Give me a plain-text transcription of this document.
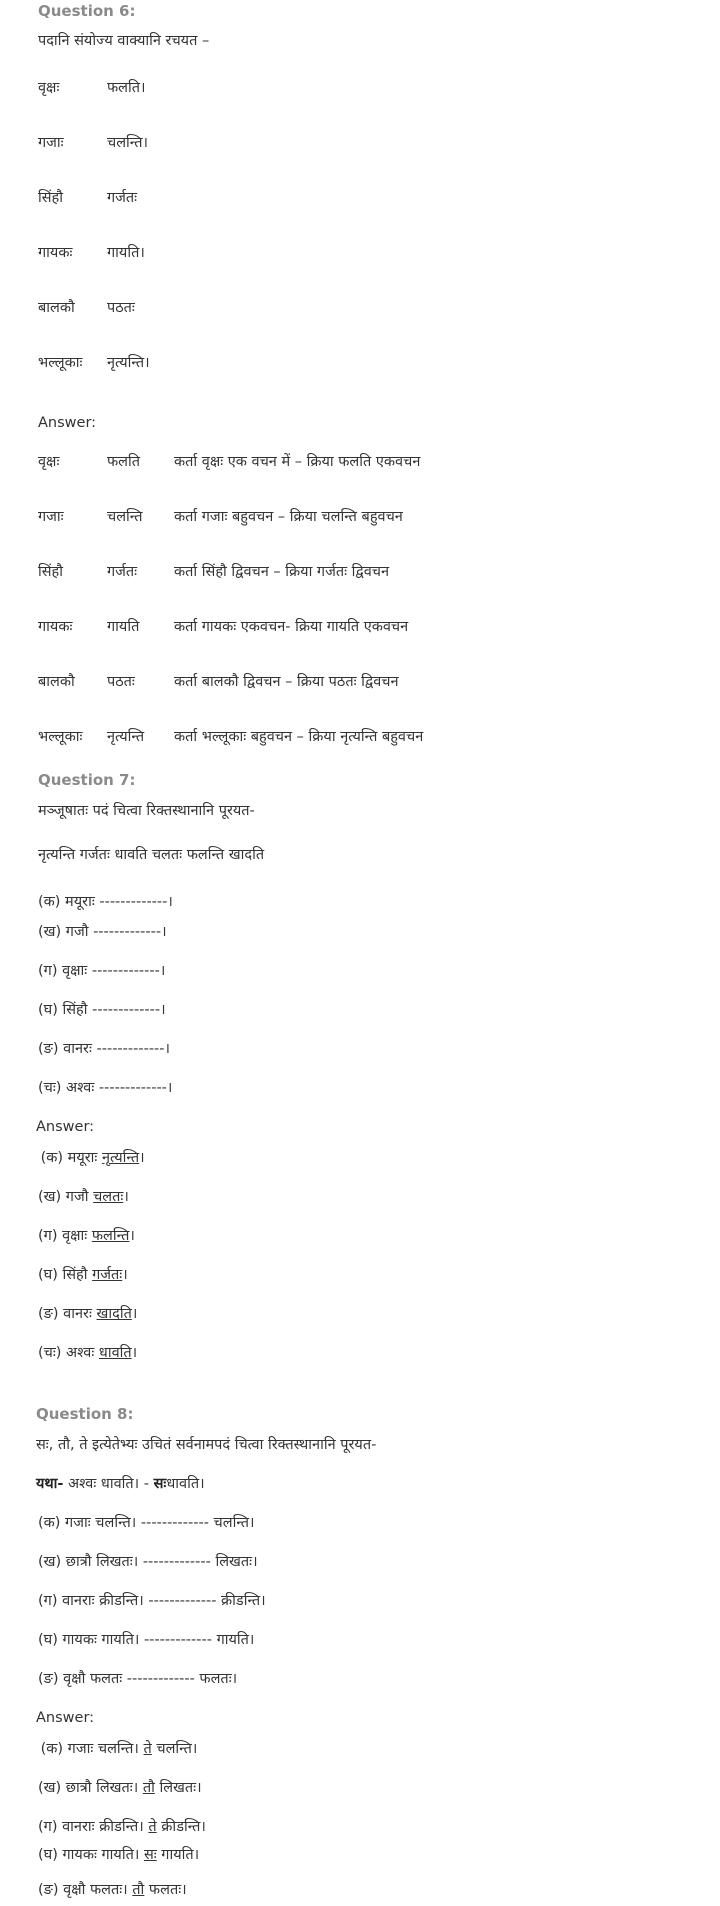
Question 6:
पदानि संयोज्य वाक्यानि रचयत –
वृक्षः	फलति।
गजाः	चलन्ति।
सिंहौ	गर्जतः
गायकः गायति।
बालकौ पठतः
भल्लूकाः नृत्यन्ति।
Answer:
वृक्षः	फलति कर्ता वृक्षः एक वचन में – क्रिया फलति एकवचन
गजाः	चलन्ति कर्ता गजाः बहुवचन – क्रिया चलन्ति बहुवचन
सिंहौ	गर्जतः	कर्ता सिंहौ द्विवचन – क्रिया गर्जतः द्विवचन
गायकः गायति कर्ता गायकः एकवचन- क्रिया गायति एकवचन
बालकौ पठतः	कर्ता बालकौ द्विवचन – क्रिया पठतः द्विवचन
भल्लूकाः नृत्यन्ति कर्ता भल्लूकाः बहुवचन – क्रिया नृत्यन्ति बहुवचन
Question 7:
मञ्जूषातः पदं चित्वा रिक्तस्थानानि पूरयत-
नृत्यन्ति गर्जतः धावति चलतः फलन्ति खादति
(क) मयूराः -------------।
(ख) गजौ -------------।
(ग) वृक्षाः -------------।
(घ) सिंहौ -------------।
(ङ) वानरः -------------।
(चः) अश्वः -------------।
Answer:
(क) मयूराः नृत्यन्ति।
(ख) गजौ चलतः।
(ग) वृक्षाः फलन्ति।
(घ) सिंहौ गर्जतः।
(ङ) वानरः खादति।
(चः) अश्वः धावति।
Question 8:
सः, तौ, ते इत्येतेभ्यः उचितं सर्वनामपदं चित्वा रिक्तस्थानानि पूरयत-
यथा- अश्वः धावति। - सःधावति।
(क) गजाः चलन्ति। ------------- चलन्ति।
(ख) छात्रौ लिखतः। ------------- लिखतः।
(ग) वानराः क्रीडन्ति। ------------- क्रीडन्ति।
(घ) गायकः गायति। ------------- गायति।
(ङ) वृक्षौ फलतः ------------- फलतः।
Answer:
(क) गजाः चलन्ति। ते चलन्ति।
(ख) छात्रौ लिखतः। तौ लिखतः।
(ग) वानराः क्रीडन्ति। ते क्रीडन्ति।
(घ) गायकः गायति। सः गायति।
(ङ) वृक्षौ फलतः। तौ फलतः।
